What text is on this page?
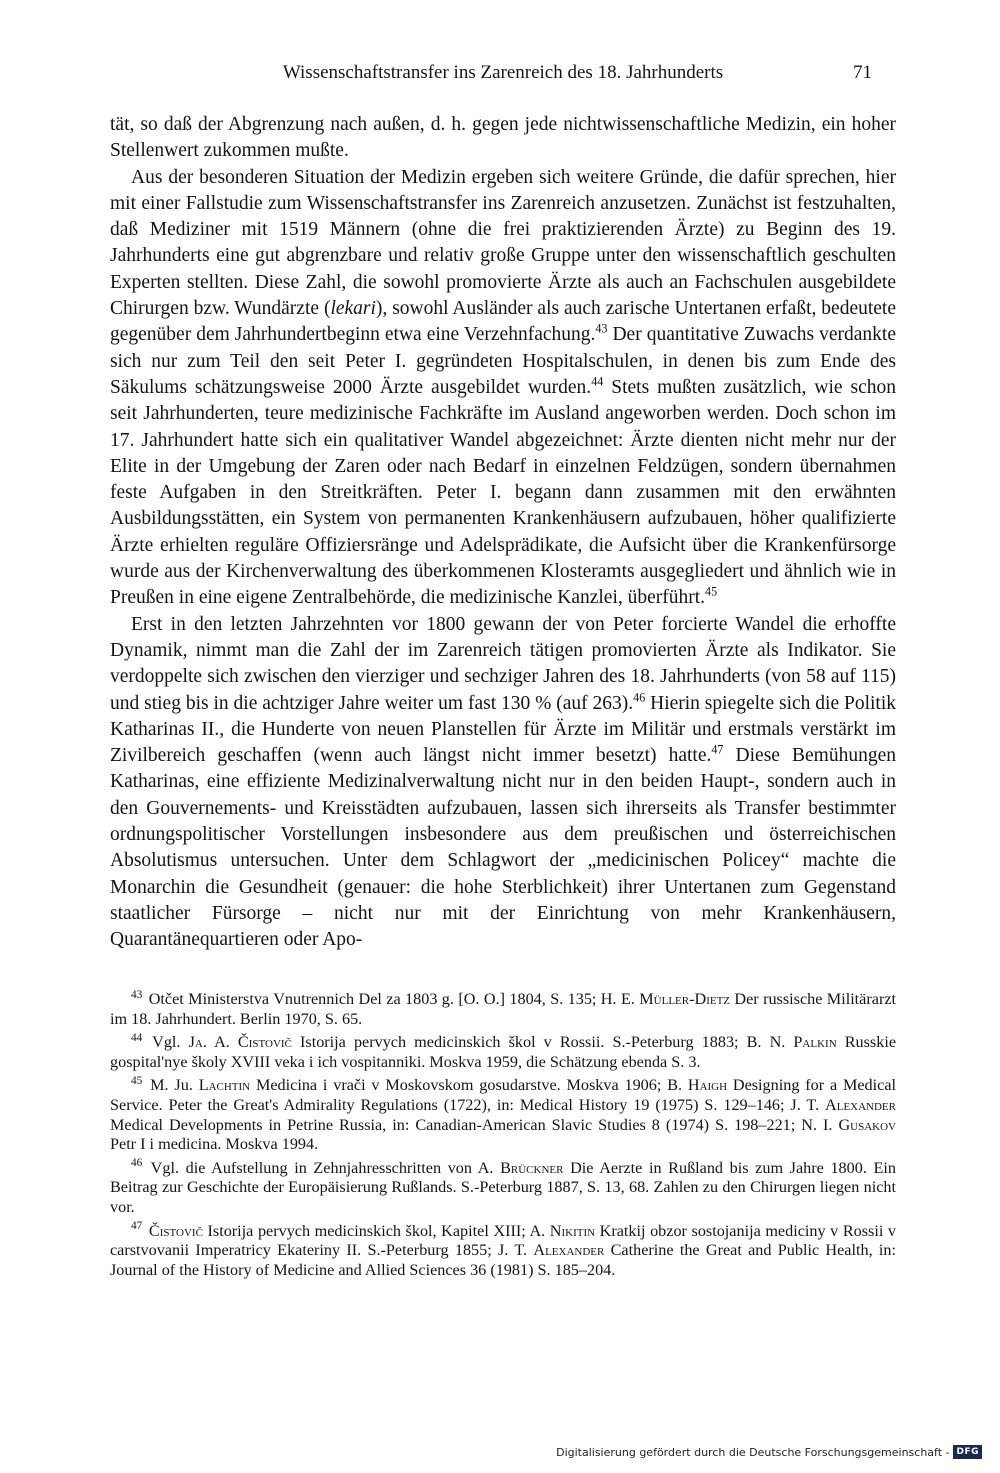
Wissenschaftstransfer ins Zarenreich des 18. Jahrhunderts	71

tät, so daß der Abgrenzung nach außen, d. h. gegen jede nichtwissenschaftliche Medizin, ein hoher Stellenwert zukommen mußte.

Aus der besonderen Situation der Medizin ergeben sich weitere Gründe, die dafür sprechen, hier mit einer Fallstudie zum Wissenschaftstransfer ins Zarenreich anzusetzen. Zunächst ist festzuhalten, daß Mediziner mit 1519 Männern (ohne die frei praktizierenden Ärzte) zu Beginn des 19. Jahrhunderts eine gut abgrenzbare und relativ große Gruppe unter den wissenschaftlich geschulten Experten stellten. Diese Zahl, die sowohl promovierte Ärzte als auch an Fachschulen ausgebildete Chirurgen bzw. Wundärzte (lekari), sowohl Ausländer als auch zarische Untertanen erfaßt, bedeutete gegenüber dem Jahrhundertbeginn etwa eine Verzehnfachung.$^{43}$ Der quantitative Zuwachs verdankte sich nur zum Teil den seit Peter I. gegründeten Hospitalschulen, in denen bis zum Ende des Säkulums schätzungsweise 2000 Ärzte ausgebildet wurden.$^{44}$ Stets mußten zusätzlich, wie schon seit Jahrhunderten, teure medizinische Fachkräfte im Ausland angeworben werden. Doch schon im 17. Jahrhundert hatte sich ein qualitativer Wandel abgezeichnet: Ärzte dienten nicht mehr nur der Elite in der Umgebung der Zaren oder nach Bedarf in einzelnen Feldzügen, sondern übernahmen feste Aufgaben in den Streitkräften. Peter I. begann dann zusammen mit den erwähnten Ausbildungsstätten, ein System von permanenten Krankenhäusern aufzubauen, höher qualifizierte Ärzte erhielten reguläre Offiziersränge und Adelsprädikate, die Aufsicht über die Krankenfürsorge wurde aus der Kirchenverwaltung des überkommenen Klosteramts ausgegliedert und ähnlich wie in Preußen in eine eigene Zentralbehörde, die medizinische Kanzlei, überführt.$^{45}$

Erst in den letzten Jahrzehnten vor 1800 gewann der von Peter forcierte Wandel die erhoffte Dynamik, nimmt man die Zahl der im Zarenreich tätigen promovierten Ärzte als Indikator. Sie verdoppelte sich zwischen den vierziger und sechziger Jahren des 18. Jahrhunderts (von 58 auf 115) und stieg bis in die achtziger Jahre weiter um fast 130 % (auf 263).$^{46}$ Hierin spiegelte sich die Politik Katharinas II., die Hunderte von neuen Planstellen für Ärzte im Militär und erstmals verstärkt im Zivilbereich geschaffen (wenn auch längst nicht immer besetzt) hatte.$^{47}$ Diese Bemühungen Katharinas, eine effiziente Medizinalverwaltung nicht nur in den beiden Haupt-, sondern auch in den Gouvernements- und Kreisstädten aufzubauen, lassen sich ihrerseits als Transfer bestimmter ordnungspolitischer Vorstellungen insbesondere aus dem preußischen und österreichischen Absolutismus untersuchen. Unter dem Schlagwort der „medicinischen Policey“ machte die Monarchin die Gesundheit (genauer: die hohe Sterblichkeit) ihrer Untertanen zum Gegenstand staatlicher Fürsorge – nicht nur mit der Einrichtung von mehr Krankenhäusern, Quarantänequartieren oder Apo-

$^{43}$ Otčet Ministerstva Vnutrennich Del za 1803 g. [O. O.] 1804, S. 135; H. E. Müller-Dietz Der russische Militärarzt im 18. Jahrhundert. Berlin 1970, S. 65.

$^{44}$ Vgl. Ja. A. Čistovič Istorija pervych medicinskich škol v Rossii. S.-Peterburg 1883; B. N. Palkin Russkie gospital'nye školy XVIII veka i ich vospitanniki. Moskva 1959, die Schätzung ebenda S. 3.

$^{45}$ M. Ju. Lachtin Medicina i vrači v Moskovskom gosudarstve. Moskva 1906; B. Haigh Designing for a Medical Service. Peter the Great's Admirality Regulations (1722), in: Medical History 19 (1975) S. 129–146; J. T. Alexander Medical Developments in Petrine Russia, in: Canadian-American Slavic Studies 8 (1974) S. 198–221; N. I. Gusakov Petr I i medicina. Moskva 1994.

$^{46}$ Vgl. die Aufstellung in Zehnjahresschritten von A. Brückner Die Aerzte in Rußland bis zum Jahre 1800. Ein Beitrag zur Geschichte der Europäisierung Rußlands. S.-Peterburg 1887, S. 13, 68. Zahlen zu den Chirurgen liegen nicht vor.

$^{47}$ Čistovič Istorija pervych medicinskich škol, Kapitel XIII; A. Nikitin Kratkij obzor sostojanija mediciny v Rossii v carstvovanii Imperatricy Ekateriny II. S.-Peterburg 1855; J. T. Alexander Catherine the Great and Public Health, in: Journal of the History of Medicine and Allied Sciences 36 (1981) S. 185–204.

Digitalisierung gefördert durch die Deutsche Forschungsgemeinschaft - DFG
